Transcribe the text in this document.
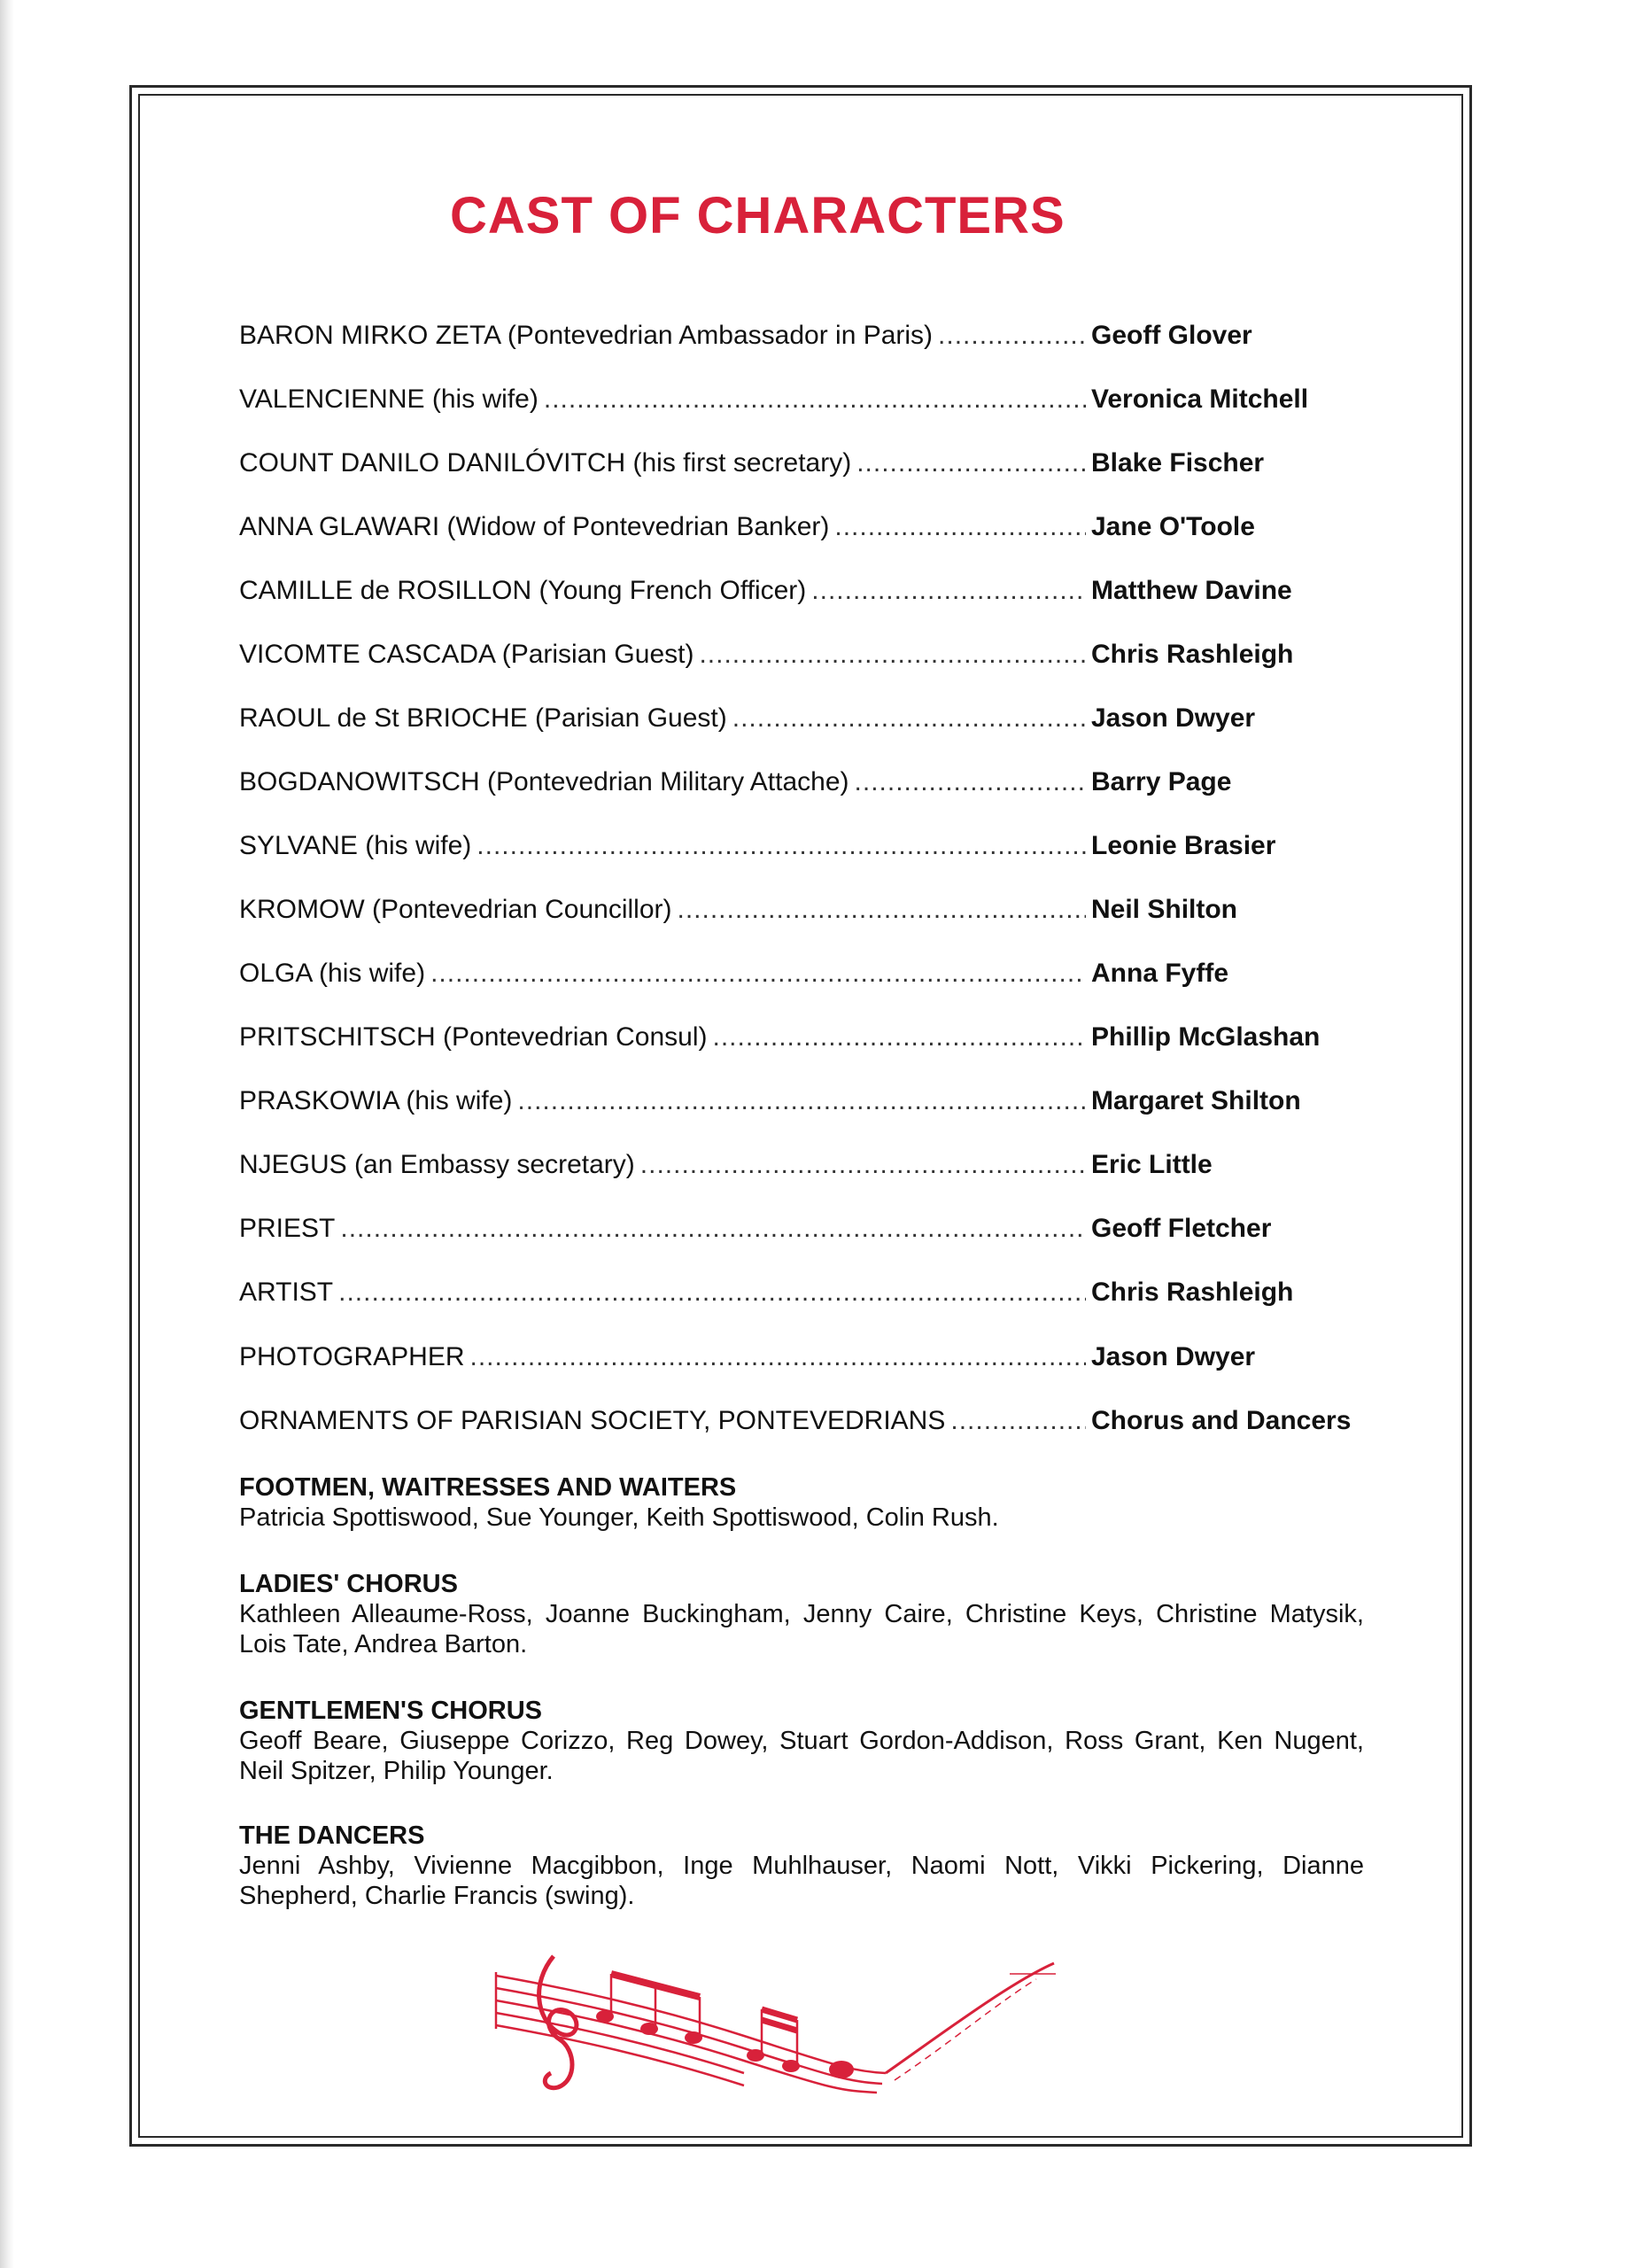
CAST OF CHARACTERS
BARON MIRKO ZETA (Pontevedrian Ambassador in Paris) .....	Geoff Glover
VALENCIENNE (his wife) .....	Veronica Mitchell
COUNT DANILO DANILÓVITCH (his first secretary) .....	Blake Fischer
ANNA GLAWARI (Widow of Pontevedrian Banker) .....	Jane O'Toole
CAMILLE de ROSILLON (Young French Officer) .....	Matthew Davine
VICOMTE CASCADA (Parisian Guest) .....	Chris Rashleigh
RAOUL de St BRIOCHE (Parisian Guest) .....	Jason Dwyer
BOGDANOWITSCH (Pontevedrian Military Attache) .....	Barry Page
SYLVANE (his wife) .....	Leonie Brasier
KROMOW (Pontevedrian Councillor) .....	Neil Shilton
OLGA (his wife) .....	Anna Fyffe
PRITSCHITSCH (Pontevedrian Consul) .....	Phillip McGlashan
PRASKOWIA (his wife) .....	Margaret Shilton
NJEGUS (an Embassy secretary) .....	Eric Little
PRIEST .....	Geoff Fletcher
ARTIST .....	Chris Rashleigh
PHOTOGRAPHER .....	Jason Dwyer
ORNAMENTS OF PARISIAN SOCIETY, PONTEVEDRIANS .....	Chorus and Dancers
FOOTMEN, WAITRESSES AND WAITERS

Patricia Spottiswood, Sue Younger, Keith Spottiswood, Colin Rush.

LADIES' CHORUS

Kathleen Alleaume-Ross, Joanne Buckingham, Jenny Caire, Christine Keys, Christine Matysik, Lois Tate, Andrea Barton.

GENTLEMEN'S CHORUS

Geoff Beare, Giuseppe Corizzo, Reg Dowey, Stuart Gordon-Addison, Ross Grant, Ken Nugent, Neil Spitzer, Philip Younger.

THE DANCERS

Jenni Ashby, Vivienne Macgibbon, Inge Muhlhauser, Naomi Nott, Vikki Pickering, Dianne Shepherd, Charlie Francis (swing).
